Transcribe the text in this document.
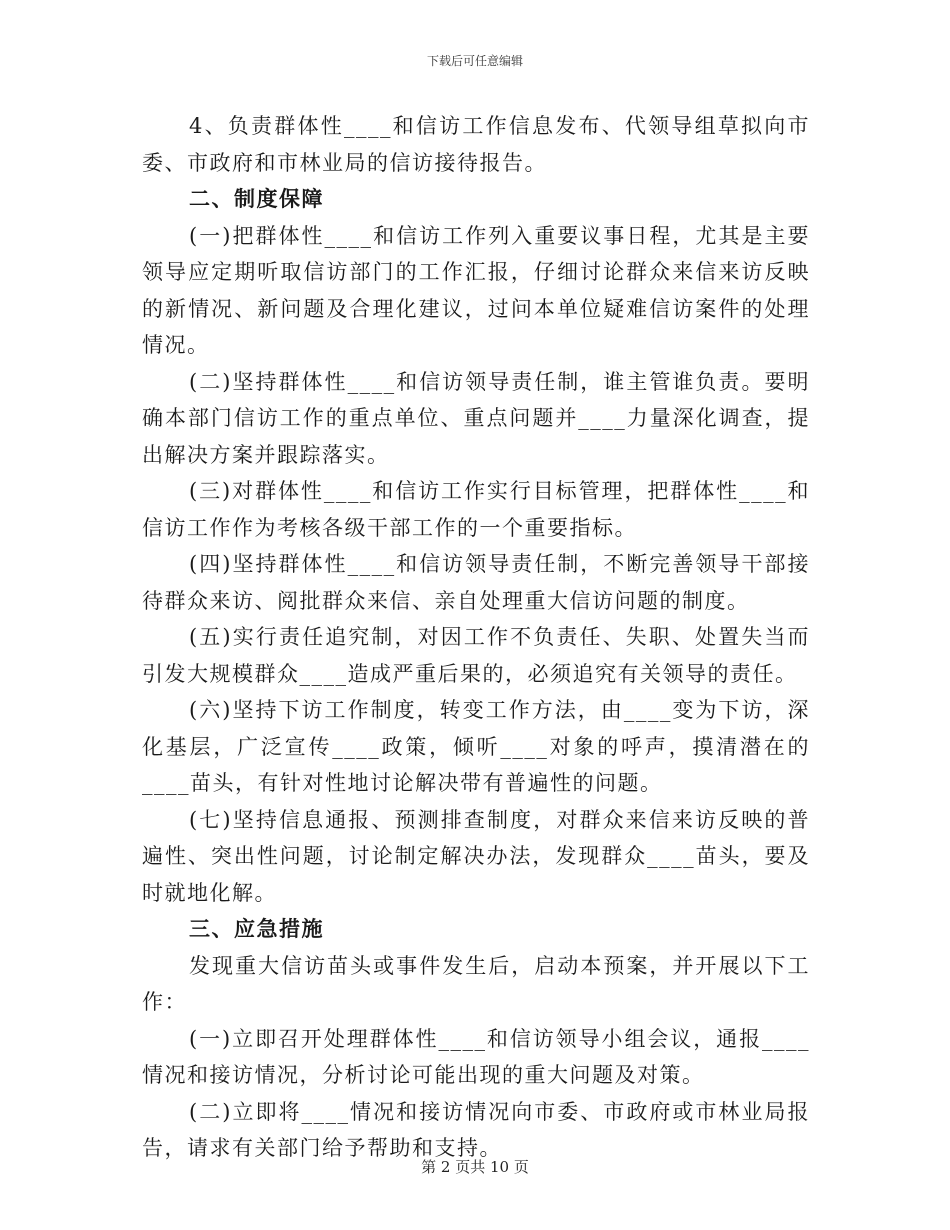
下载后可任意编辑

4、负责群体性____和信访工作信息发布、代领导组草拟向市委、市政府和市林业局的信访接待报告。

二、制度保障

(一)把群体性____和信访工作列入重要议事日程，尤其是主要领导应定期听取信访部门的工作汇报，仔细讨论群众来信来访反映的新情况、新问题及合理化建议，过问本单位疑难信访案件的处理情况。

(二)坚持群体性____和信访领导责任制，谁主管谁负责。要明确本部门信访工作的重点单位、重点问题并____力量深化调查，提出解决方案并跟踪落实。

(三)对群体性____和信访工作实行目标管理，把群体性____和信访工作作为考核各级干部工作的一个重要指标。

(四)坚持群体性____和信访领导责任制，不断完善领导干部接待群众来访、阅批群众来信、亲自处理重大信访问题的制度。

(五)实行责任追究制，对因工作不负责任、失职、处置失当而引发大规模群众____造成严重后果的，必须追究有关领导的责任。

(六)坚持下访工作制度，转变工作方法，由____变为下访，深化基层，广泛宣传____政策，倾听____对象的呼声，摸清潜在的____苗头，有针对性地讨论解决带有普遍性的问题。

(七)坚持信息通报、预测排查制度，对群众来信来访反映的普遍性、突出性问题，讨论制定解决办法，发现群众____苗头，要及时就地化解。

三、应急措施

发现重大信访苗头或事件发生后，启动本预案，并开展以下工作：

(一)立即召开处理群体性____和信访领导小组会议，通报____情况和接访情况，分析讨论可能出现的重大问题及对策。

(二)立即将____情况和接访情况向市委、市政府或市林业局报告，请求有关部门给予帮助和支持。

第 2 页共 10 页
